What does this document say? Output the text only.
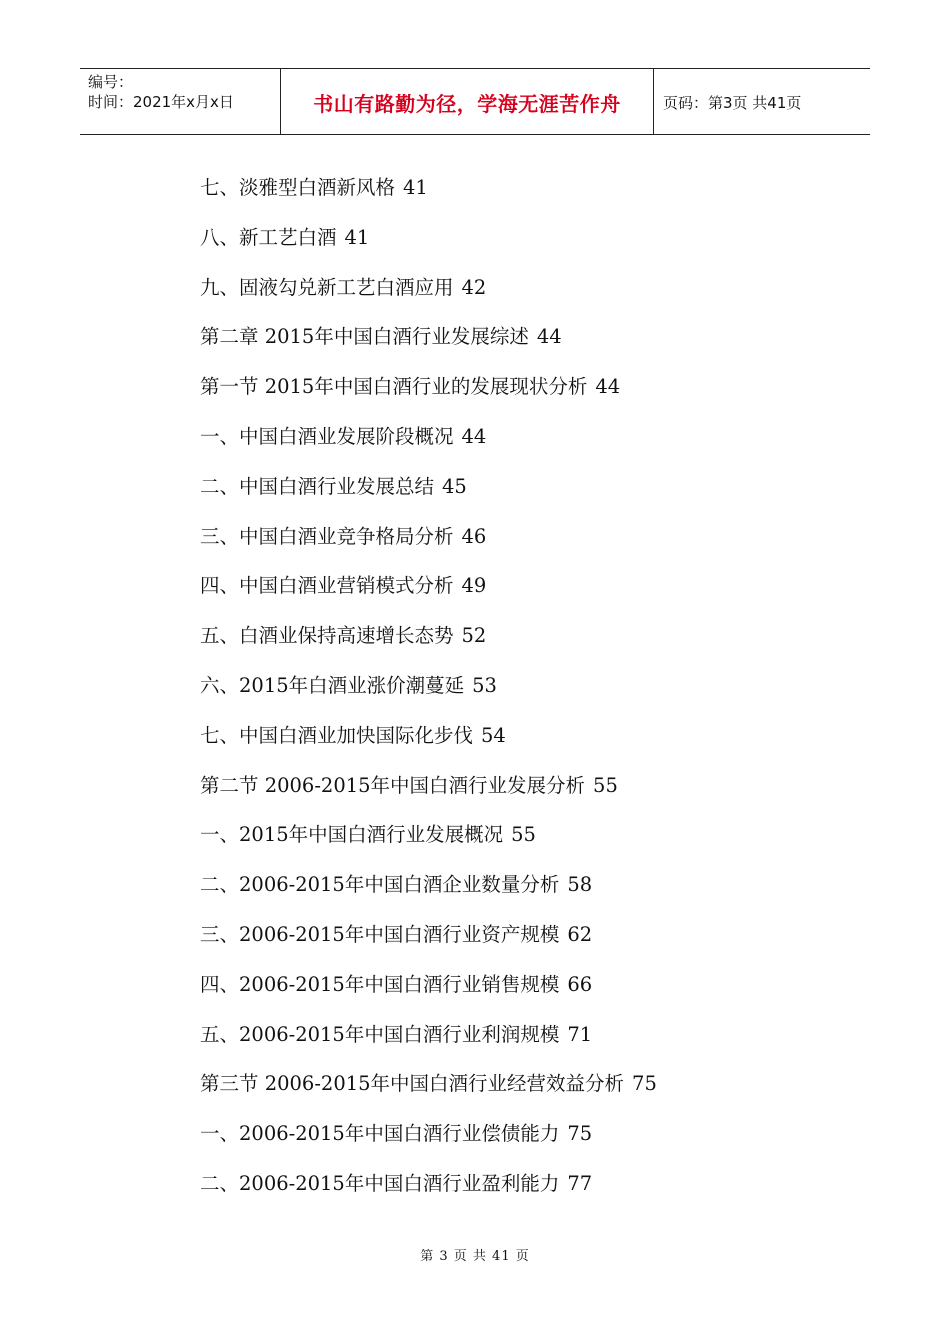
编号：
时间：2021年x月x日	书山有路勤为径，学海无涯苦作舟	页码：第3页 共41页
七、淡雅型白酒新风格 41
八、新工艺白酒 41
九、固液勾兑新工艺白酒应用 42
第二章 2015年中国白酒行业发展综述 44
第一节 2015年中国白酒行业的发展现状分析 44
一、中国白酒业发展阶段概况 44
二、中国白酒行业发展总结 45
三、中国白酒业竞争格局分析 46
四、中国白酒业营销模式分析 49
五、白酒业保持高速增长态势 52
六、2015年白酒业涨价潮蔓延 53
七、中国白酒业加快国际化步伐 54
第二节 2006-2015年中国白酒行业发展分析 55
一、2015年中国白酒行业发展概况 55
二、2006-2015年中国白酒企业数量分析 58
三、2006-2015年中国白酒行业资产规模 62
四、2006-2015年中国白酒行业销售规模 66
五、2006-2015年中国白酒行业利润规模 71
第三节 2006-2015年中国白酒行业经营效益分析 75
一、2006-2015年中国白酒行业偿债能力 75
二、2006-2015年中国白酒行业盈利能力 77
第 3 页 共 41 页
